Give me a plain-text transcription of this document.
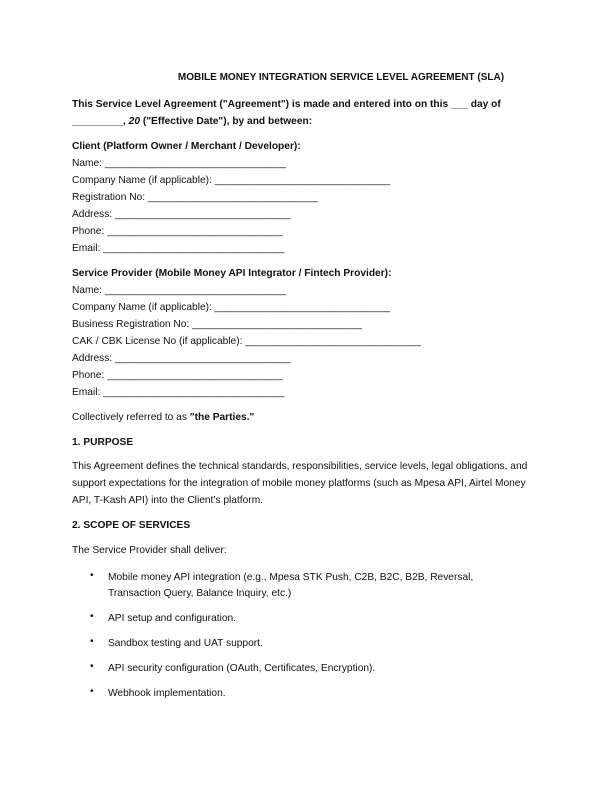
MOBILE MONEY INTEGRATION SERVICE LEVEL AGREEMENT (SLA)
This Service Level Agreement ("Agreement") is made and entered into on this ___ day of
_________, 20 ("Effective Date"), by and between:
Client (Platform Owner / Merchant / Developer):
Name: ________________________________
Company Name (if applicable): _______________________________
Registration No: ______________________________
Address: _______________________________
Phone: _______________________________
Email: ________________________________
Service Provider (Mobile Money API Integrator / Fintech Provider):
Name: ________________________________
Company Name (if applicable): _______________________________
Business Registration No: ______________________________
CAK / CBK License No (if applicable): _______________________________
Address: _______________________________
Phone: _______________________________
Email: ________________________________
Collectively referred to as "the Parties."
1. PURPOSE
This Agreement defines the technical standards, responsibilities, service levels, legal obligations, and support expectations for the integration of mobile money platforms (such as Mpesa API, Airtel Money API, T-Kash API) into the Client’s platform.
2. SCOPE OF SERVICES
The Service Provider shall deliver:
• Mobile money API integration (e.g., Mpesa STK Push, C2B, B2C, B2B, Reversal, Transaction Query, Balance Inquiry, etc.)
• API setup and configuration.
• Sandbox testing and UAT support.
• API security configuration (OAuth, Certificates, Encryption).
• Webhook implementation.
